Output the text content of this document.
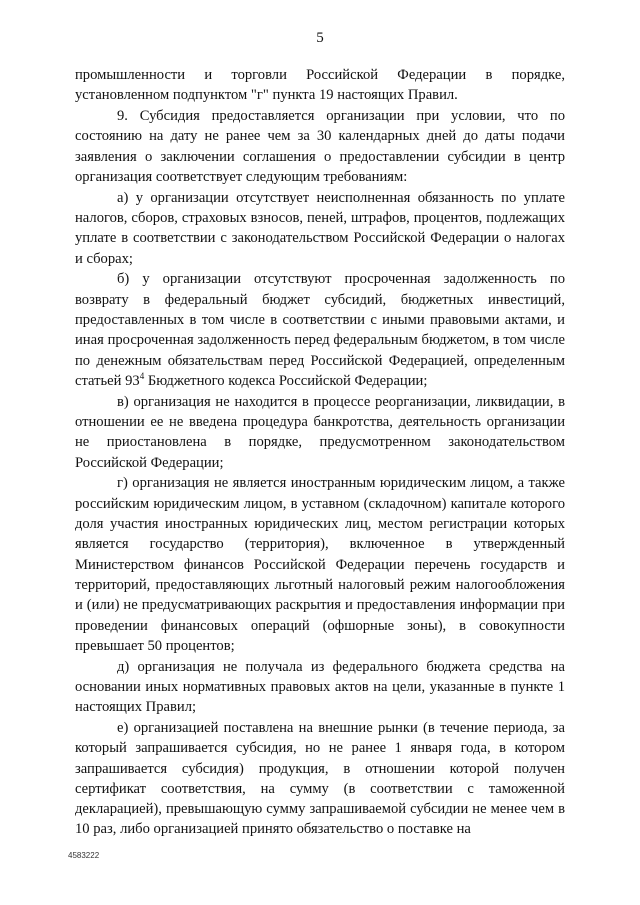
5

промышленности и торговли Российской Федерации в порядке, установленном подпунктом "г" пункта 19 настоящих Правил.

9. Субсидия предоставляется организации при условии, что по состоянию на дату не ранее чем за 30 календарных дней до даты подачи заявления о заключении соглашения о предоставлении субсидии в центр организация соответствует следующим требованиям:

а) у организации отсутствует неисполненная обязанность по уплате налогов, сборов, страховых взносов, пеней, штрафов, процентов, подлежащих уплате в соответствии с законодательством Российской Федерации о налогах и сборах;

б) у организации отсутствуют просроченная задолженность по возврату в федеральный бюджет субсидий, бюджетных инвестиций, предоставленных в том числе в соответствии с иными правовыми актами, и иная просроченная задолженность перед федеральным бюджетом, в том числе по денежным обязательствам перед Российской Федерацией, определенным статьей $93^4$ Бюджетного кодекса Российской Федерации;

в) организация не находится в процессе реорганизации, ликвидации, в отношении ее не введена процедура банкротства, деятельность организации не приостановлена в порядке, предусмотренном законодательством Российской Федерации;

г) организация не является иностранным юридическим лицом, а также российским юридическим лицом, в уставном (складочном) капитале которого доля участия иностранных юридических лиц, местом регистрации которых является государство (территория), включенное в утвержденный Министерством финансов Российской Федерации перечень государств и территорий, предоставляющих льготный налоговый режим налогообложения и (или) не предусматривающих раскрытия и предоставления информации при проведении финансовых операций (офшорные зоны), в совокупности превышает 50 процентов;

д) организация не получала из федерального бюджета средства на основании иных нормативных правовых актов на цели, указанные в пункте 1 настоящих Правил;

е) организацией поставлена на внешние рынки (в течение периода, за который запрашивается субсидия, но не ранее 1 января года, в котором запрашивается субсидия) продукция, в отношении которой получен сертификат соответствия, на сумму (в соответствии с таможенной декларацией), превышающую сумму запрашиваемой субсидии не менее чем в 10 раз, либо организацией принято обязательство о поставке на

4583222
